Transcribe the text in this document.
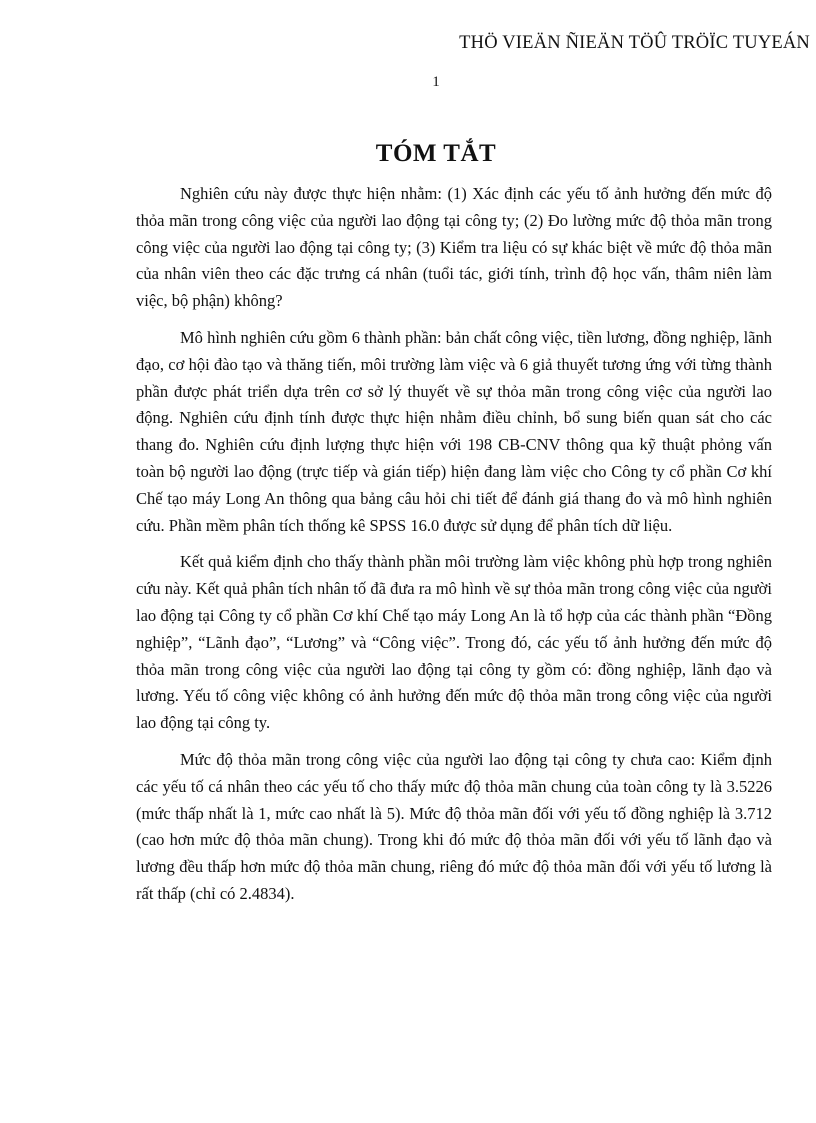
THÖ VIEÄN ÑIEÄN TÖÛ TRÖÏC TUYEÁN
1
TÓM TẮT

Nghiên cứu này được thực hiện nhằm: (1) Xác định các yếu tố ảnh hưởng đến mức độ thỏa mãn trong công việc của người lao động tại công ty; (2) Đo lường mức độ thỏa mãn trong công việc của người lao động tại công ty; (3) Kiểm tra liệu có sự khác biệt về mức độ thỏa mãn của nhân viên theo các đặc trưng cá nhân (tuổi tác, giới tính, trình độ học vấn, thâm niên làm việc, bộ phận) không?

Mô hình nghiên cứu gồm 6 thành phần: bản chất công việc, tiền lương, đồng nghiệp, lãnh đạo, cơ hội đào tạo và thăng tiến, môi trường làm việc và 6 giả thuyết tương ứng với từng thành phần được phát triển dựa trên cơ sở lý thuyết về sự thỏa mãn trong công việc của người lao động. Nghiên cứu định tính được thực hiện nhằm điều chỉnh, bổ sung biến quan sát cho các thang đo. Nghiên cứu định lượng thực hiện với 198 CB-CNV thông qua kỹ thuật phỏng vấn toàn bộ người lao động (trực tiếp và gián tiếp) hiện đang làm việc cho Công ty cổ phần Cơ khí Chế tạo máy Long An thông qua bảng câu hỏi chi tiết để đánh giá thang đo và mô hình nghiên cứu. Phần mềm phân tích thống kê SPSS 16.0 được sử dụng để phân tích dữ liệu.

Kết quả kiểm định cho thấy thành phần môi trường làm việc không phù hợp trong nghiên cứu này. Kết quả phân tích nhân tố đã đưa ra mô hình về sự thỏa mãn trong công việc của người lao động tại Công ty cổ phần Cơ khí Chế tạo máy Long An là tổ hợp của các thành phần “Đồng nghiệp”, “Lãnh đạo”, “Lương” và “Công việc”. Trong đó, các yếu tố ảnh hưởng đến mức độ thỏa mãn trong công việc của người lao động tại công ty gồm có: đồng nghiệp, lãnh đạo và lương. Yếu tố công việc không có ảnh hưởng đến mức độ thỏa mãn trong công việc của người lao động tại công ty.

Mức độ thỏa mãn trong công việc của người lao động tại công ty chưa cao: Kiểm định các yếu tố cá nhân theo các yếu tố cho thấy mức độ thỏa mãn chung của toàn công ty là 3.5226 (mức thấp nhất là 1, mức cao nhất là 5). Mức độ thỏa mãn đối với yếu tố đồng nghiệp là 3.712 (cao hơn mức độ thỏa mãn chung). Trong khi đó mức độ thỏa mãn đối với yếu tố lãnh đạo và lương đều thấp hơn mức độ thỏa mãn chung, riêng đó mức độ thỏa mãn đối với yếu tố lương là rất thấp (chỉ có 2.4834).
